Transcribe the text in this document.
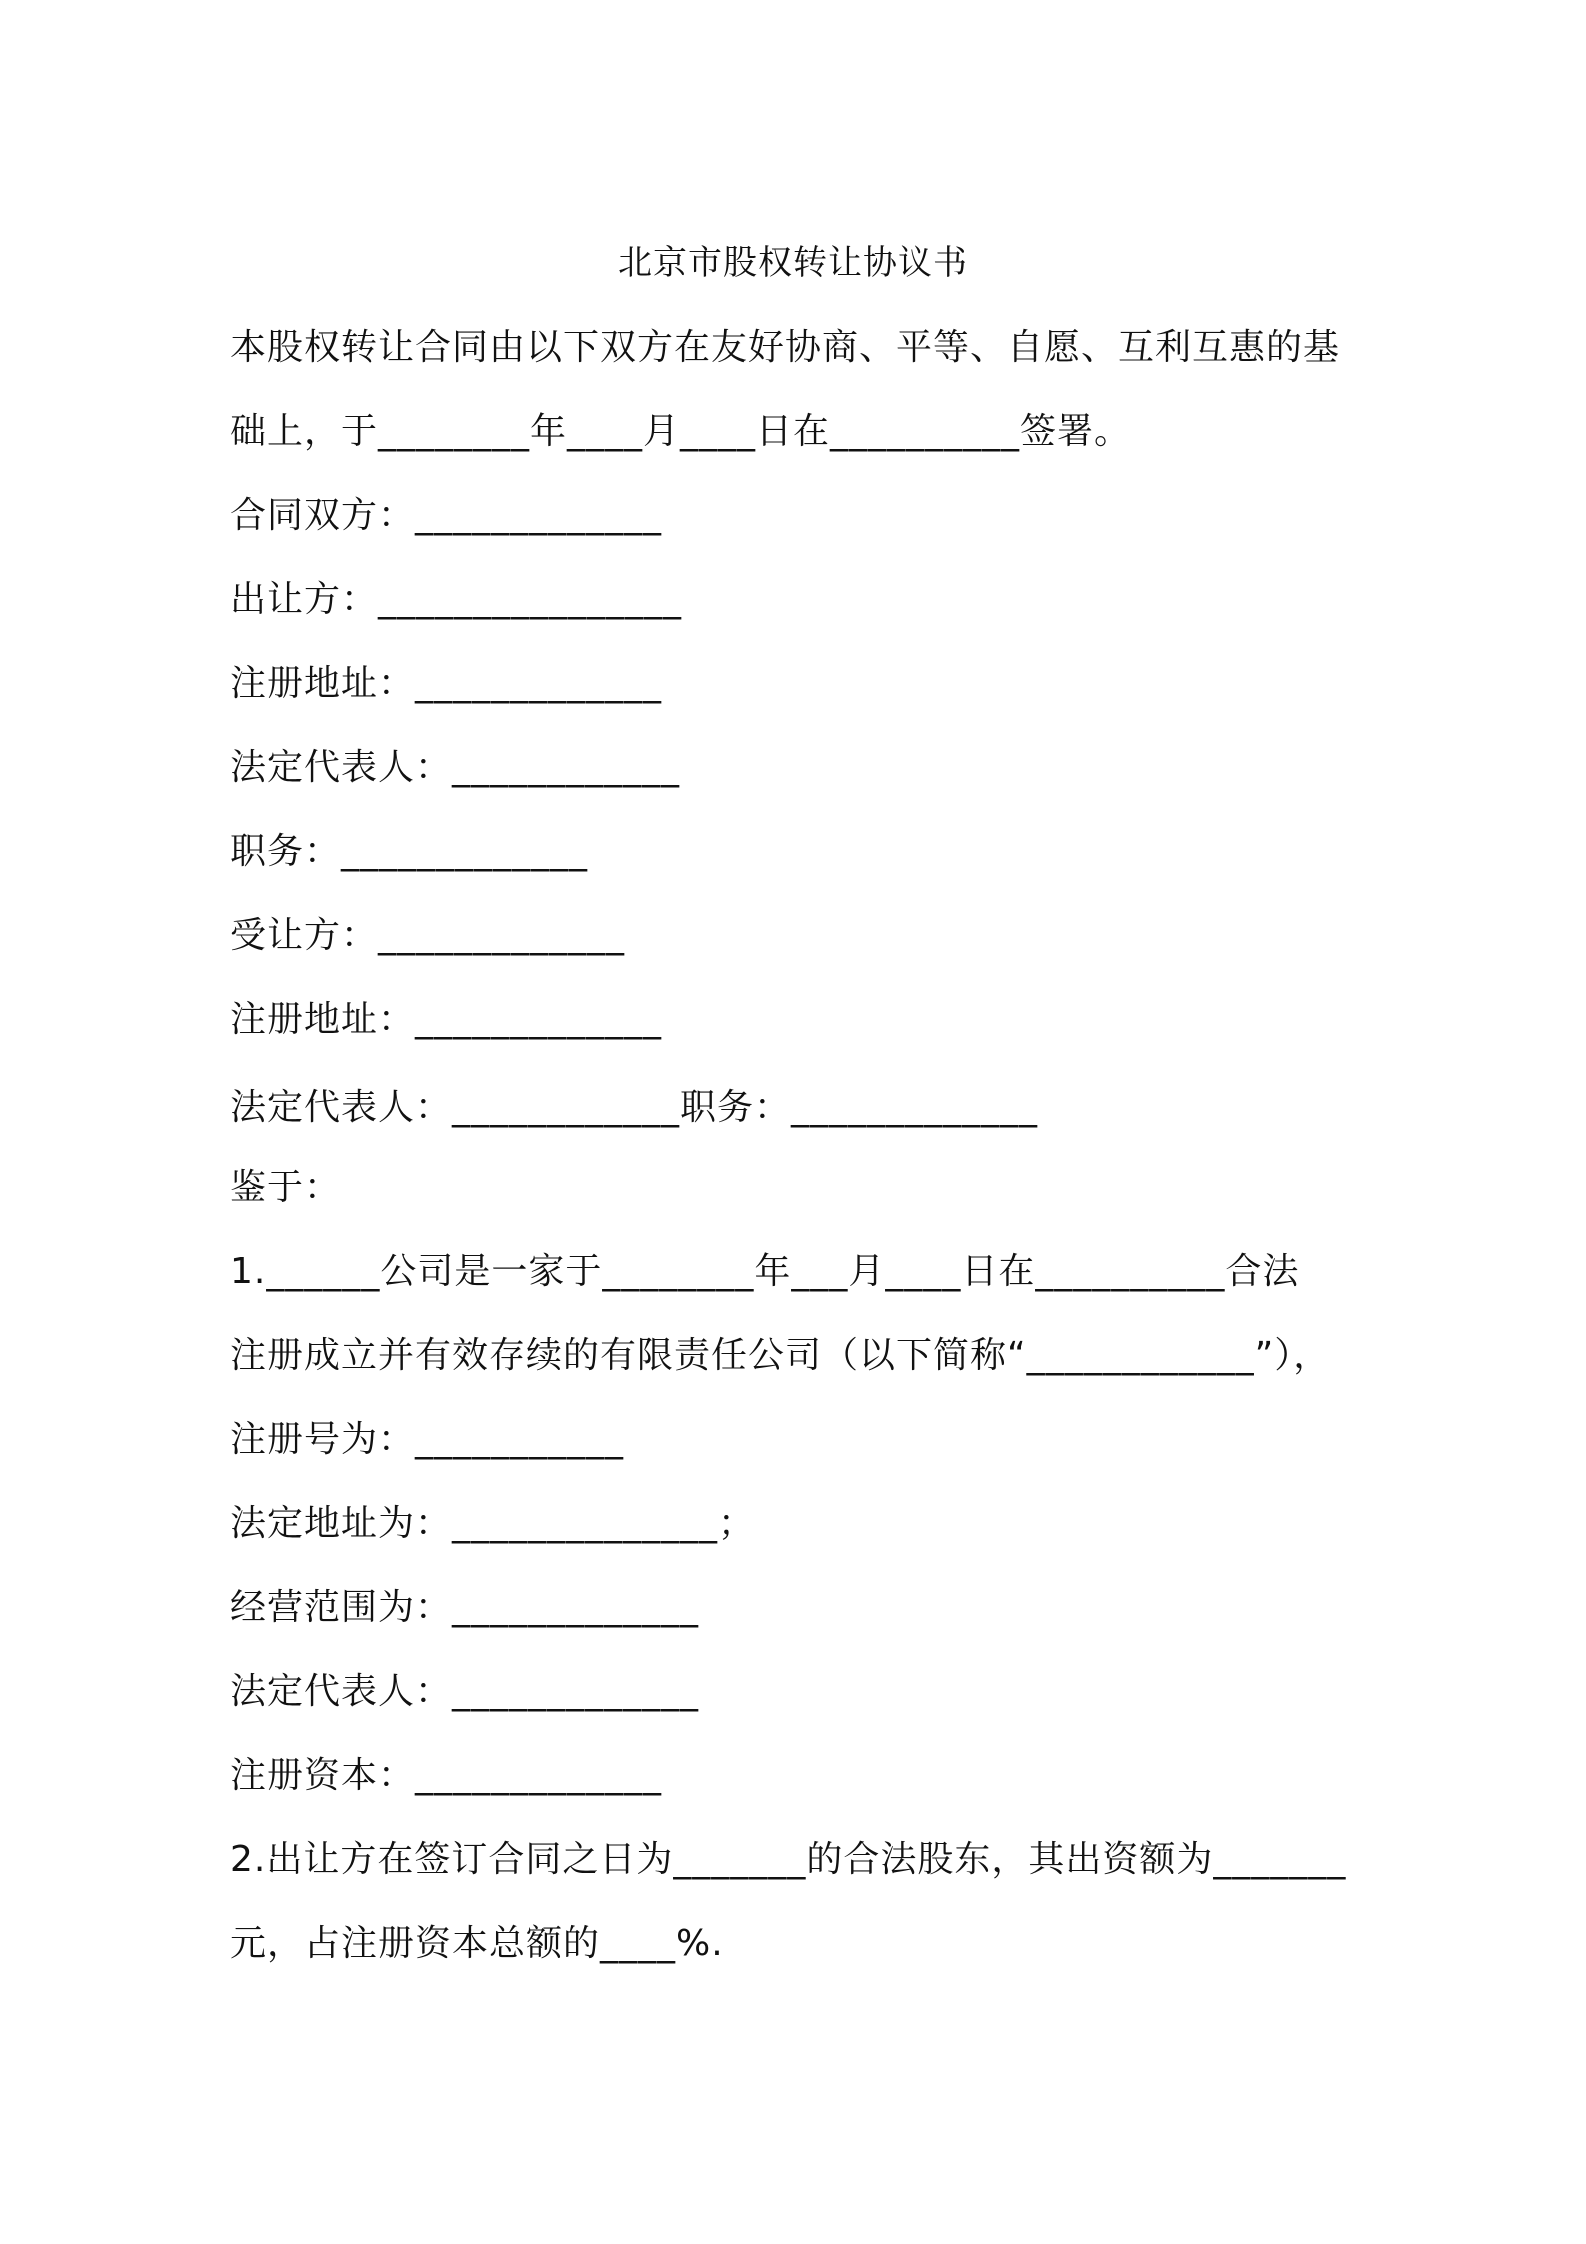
北京市股权转让协议书
本股权转让合同由以下双方在友好协商、平等、自愿、互利互惠的基
础上，于________年____月____日在__________签署。
合同双方：_____________
出让方：________________
注册地址：_____________
法定代表人：____________
职务：_____________
受让方：_____________
注册地址：_____________
法定代表人：____________职务：_____________
鉴于：
1.______公司是一家于________年___月____日在__________合法
注册成立并有效存续的有限责任公司（以下简称“____________”），
注册号为：___________
法定地址为：______________；
经营范围为：_____________
法定代表人：_____________
注册资本：_____________
2.出让方在签订合同之日为_______的合法股东，其出资额为_______
元，占注册资本总额的____%.
